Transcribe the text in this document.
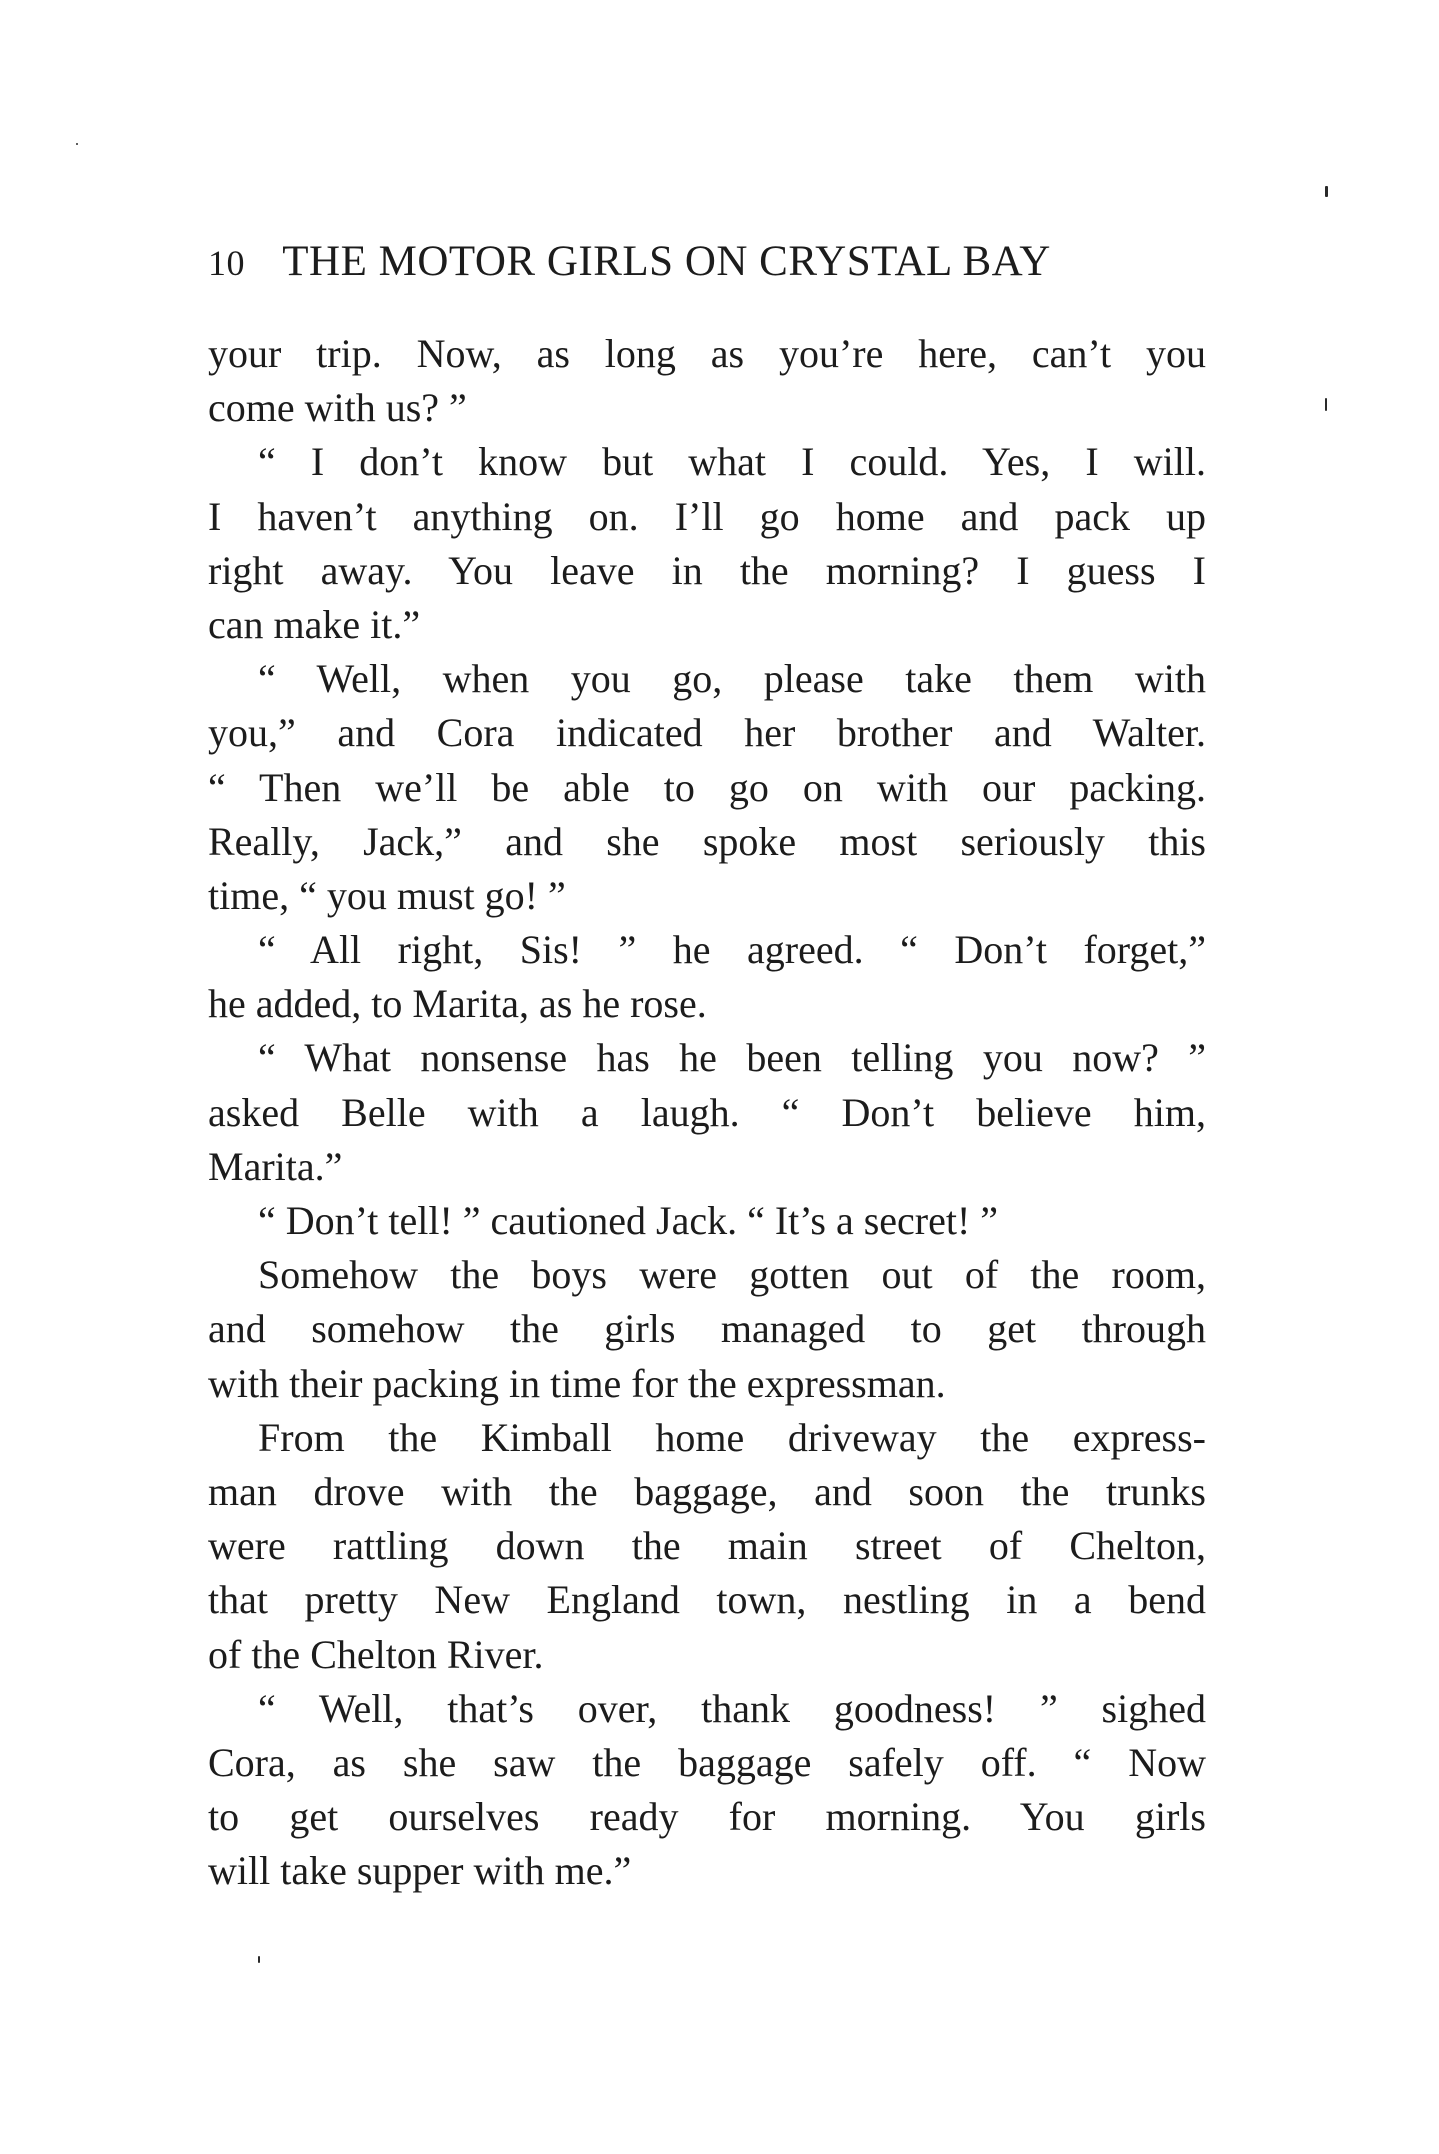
10 THE MOTOR GIRLS ON CRYSTAL BAY
your trip. Now, as long as you’re here, can’t you
come with us? ”
“ I don’t know but what I could. Yes, I will.
I haven’t anything on. I’ll go home and pack up
right away. You leave in the morning? I guess I
can make it.”
“ Well, when you go, please take them with
you,” and Cora indicated her brother and Walter.
“ Then we’ll be able to go on with our packing.
Really, Jack,” and she spoke most seriously this
time, “ you must go! ”
“ All right, Sis! ” he agreed. “ Don’t forget,”
he added, to Marita, as he rose.
“ What nonsense has he been telling you now? ”
asked Belle with a laugh. “ Don’t believe him,
Marita.”
“ Don’t tell! ” cautioned Jack. “ It’s a secret! ”
Somehow the boys were gotten out of the room,
and somehow the girls managed to get through
with their packing in time for the expressman.
From the Kimball home driveway the express-
man drove with the baggage, and soon the trunks
were rattling down the main street of Chelton,
that pretty New England town, nestling in a bend
of the Chelton River.
“ Well, that’s over, thank goodness! ” sighed
Cora, as she saw the baggage safely off. “ Now
to get ourselves ready for morning. You girls
will take supper with me.”
